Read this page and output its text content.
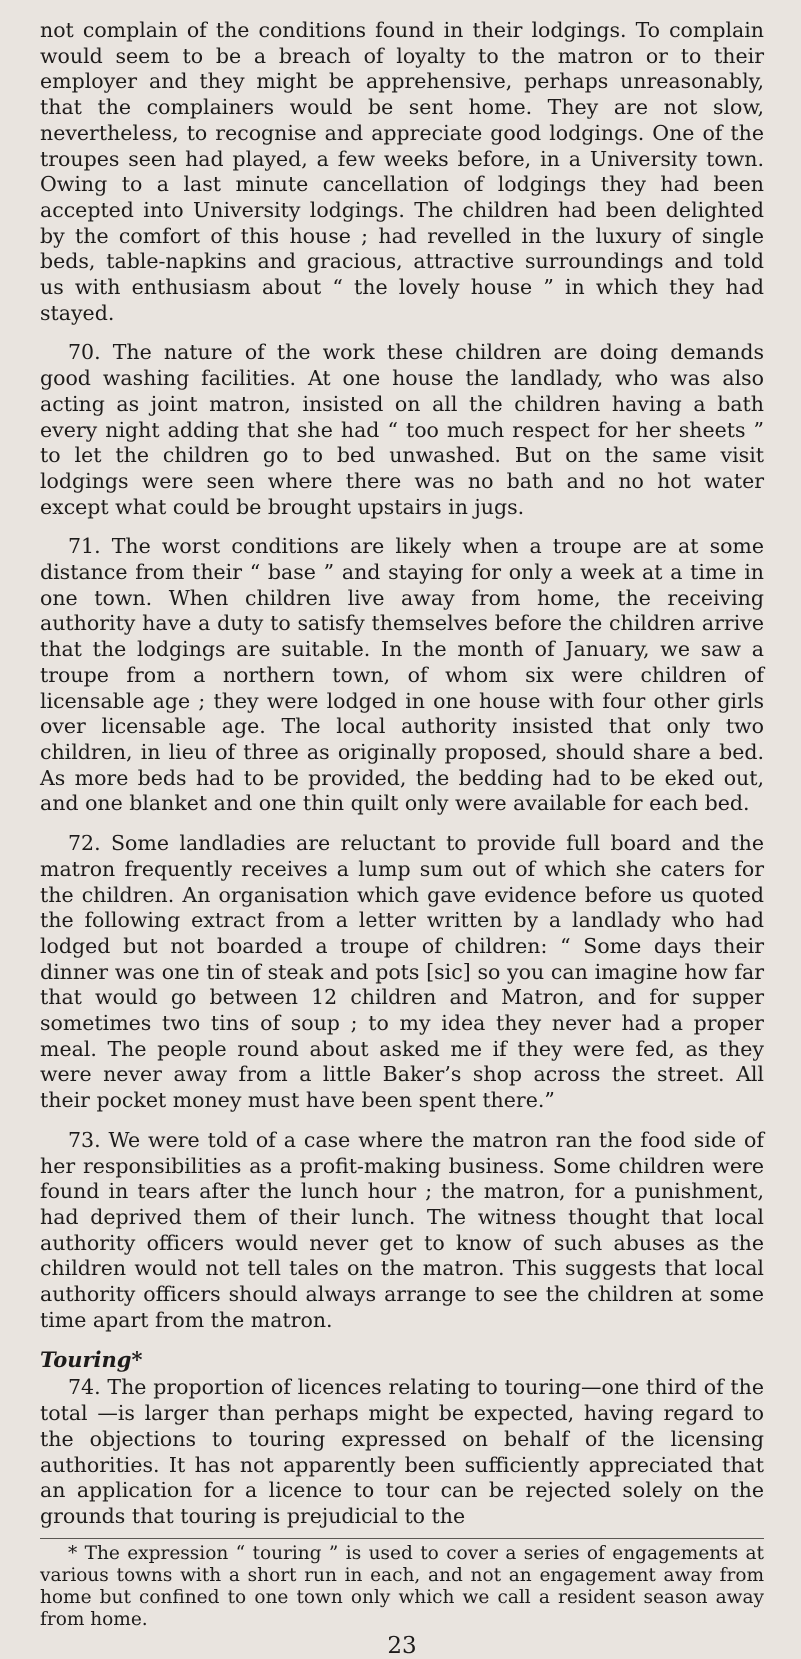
not complain of the conditions found in their lodgings. To complain would seem to be a breach of loyalty to the matron or to their employer and they might be apprehensive, perhaps unreasonably, that the complainers would be sent home. They are not slow, nevertheless, to recognise and appreciate good lodgings. One of the troupes seen had played, a few weeks before, in a University town. Owing to a last minute cancellation of lodgings they had been accepted into University lodgings. The children had been delighted by the comfort of this house ; had revelled in the luxury of single beds, table-napkins and gracious, attractive surroundings and told us with enthusiasm about “ the lovely house ” in which they had stayed.

70. The nature of the work these children are doing demands good washing facilities. At one house the landlady, who was also acting as joint matron, insisted on all the children having a bath every night adding that she had “ too much respect for her sheets ” to let the children go to bed unwashed. But on the same visit lodgings were seen where there was no bath and no hot water except what could be brought upstairs in jugs.

71. The worst conditions are likely when a troupe are at some distance from their “ base ” and staying for only a week at a time in one town. When children live away from home, the receiving authority have a duty to satisfy themselves before the children arrive that the lodgings are suitable. In the month of January, we saw a troupe from a northern town, of whom six were children of licensable age ; they were lodged in one house with four other girls over licensable age. The local authority insisted that only two children, in lieu of three as originally proposed, should share a bed. As more beds had to be provided, the bedding had to be eked out, and one blanket and one thin quilt only were available for each bed.

72. Some landladies are reluctant to provide full board and the matron frequently receives a lump sum out of which she caters for the children. An organisation which gave evidence before us quoted the following extract from a letter written by a landlady who had lodged but not boarded a troupe of children: “ Some days their dinner was one tin of steak and pots [sic] so you can imagine how far that would go between 12 children and Matron, and for supper sometimes two tins of soup ; to my idea they never had a proper meal. The people round about asked me if they were fed, as they were never away from a little Baker’s shop across the street. All their pocket money must have been spent there.”

73. We were told of a case where the matron ran the food side of her responsibilities as a profit-making business. Some children were found in tears after the lunch hour ; the matron, for a punishment, had deprived them of their lunch. The witness thought that local authority officers would never get to know of such abuses as the children would not tell tales on the matron. This suggests that local authority officers should always arrange to see the children at some time apart from the matron.

Touring*

74. The proportion of licences relating to touring—one third of the total —is larger than perhaps might be expected, having regard to the objections to touring expressed on behalf of the licensing authorities. It has not apparently been sufficiently appreciated that an application for a licence to tour can be rejected solely on the grounds that touring is prejudicial to the

* The expression “ touring ” is used to cover a series of engagements at various towns with a short run in each, and not an engagement away from home but confined to one town only which we call a resident season away from home.

23
